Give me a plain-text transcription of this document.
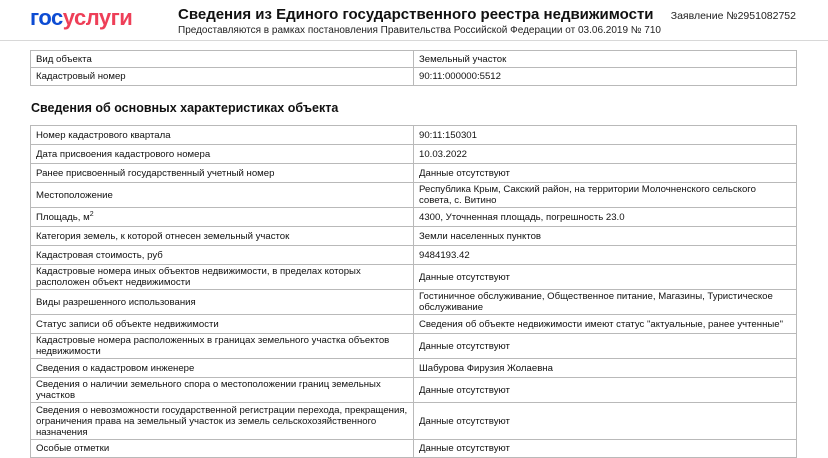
госуслуги	Сведения из Единого государственного реестра недвижимости
Предоставляются в рамках постановления Правительства Российской Федерации от 03.06.2019 № 710
Заявление №2951082752
Вид объекта	Земельный участок
Кадастровый номер	90:11:000000:5512
Сведения об основных характеристиках объекта
Номер кадастрового квартала	90:11:150301
Дата присвоения кадастрового номера	10.03.2022
Ранее присвоенный государственный учетный номер	Данные отсутствуют
Местоположение	Республика Крым, Сакский район, на территории Молочненского сельского совета, с. Витино
Площадь, $м^2$	4300, Уточненная площадь, погрешность 23.0
Категория земель, к которой отнесен земельный участок	Земли населенных пунктов
Кадастровая стоимость, руб	9484193.42
Кадастровые номера иных объектов недвижимости, в пределах которых расположен объект недвижимости	Данные отсутствуют
Виды разрешенного использования	Гостиничное обслуживание, Общественное питание, Магазины, Туристическое обслуживание
Статус записи об объекте недвижимости	Сведения об объекте недвижимости имеют статус "актуальные, ранее учтенные"
Кадастровые номера расположенных в границах земельного участка объектов недвижимости	Данные отсутствуют
Сведения о кадастровом инженере	Шабурова Фирузия Жолаевна
Сведения о наличии земельного спора о местоположении границ земельных участков	Данные отсутствуют
Сведения о невозможности государственной регистрации перехода, прекращения, ограничения права на земельный участок из земель сельскохозяйственного назначения	Данные отсутствуют
Особые отметки	Данные отсутствуют
